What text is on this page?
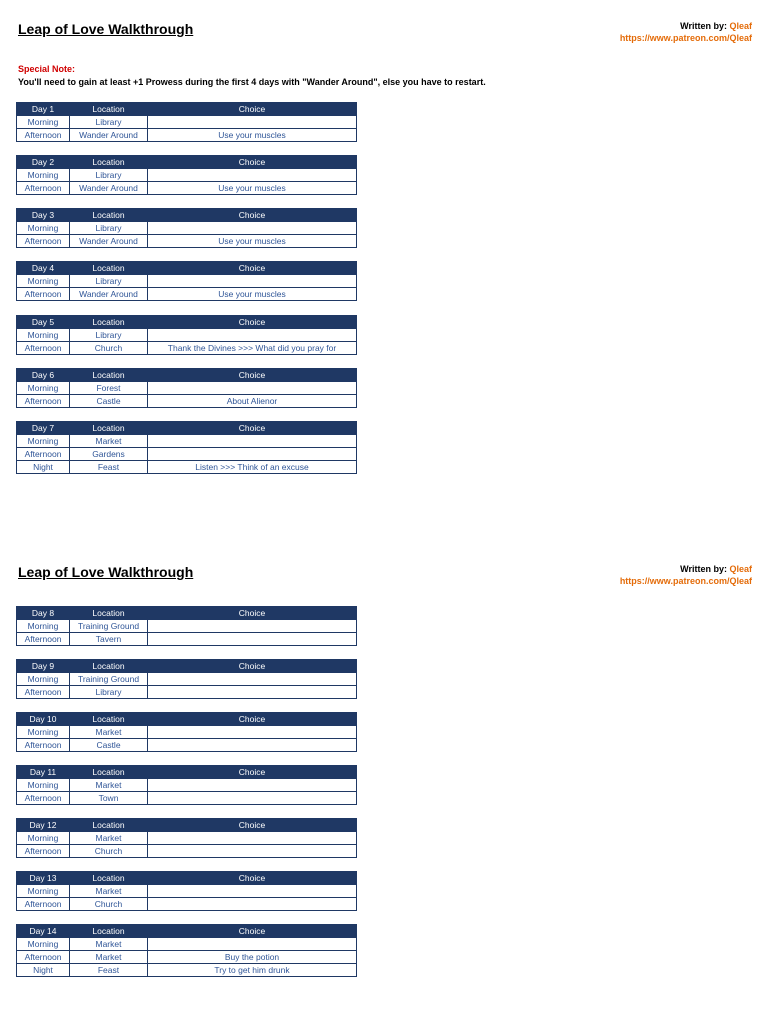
Leap of Love Walkthrough	Written by: Qleaf
https://www.patreon.com/Qleaf
Special Note:
You'll need to gain at least +1 Prowess during the first 4 days with "Wander Around", else you have to restart.
Leap of Love Walkthrough	Written by: Qleaf
https://www.patreon.com/Qleaf
Day 1	Location	Choice
Morning	Library	
Afternoon	Wander Around	Use your muscles
Day 2	Location	Choice
Morning	Library	
Afternoon	Wander Around	Use your muscles
Day 3	Location	Choice
Morning	Library	
Afternoon	Wander Around	Use your muscles
Day 4	Location	Choice
Morning	Library	
Afternoon	Wander Around	Use your muscles
Day 5	Location	Choice
Morning	Library	
Afternoon	Church	Thank the Divines >>> What did you pray for
Day 6	Location	Choice
Morning	Forest	
Afternoon	Castle	About Alienor
Day 7	Location	Choice
Morning	Market	
Afternoon	Gardens	
Night	Feast	Listen >>> Think of an excuse
Day 8	Location	Choice
Morning	Training Ground	
Afternoon	Tavern	
Day 9	Location	Choice
Morning	Training Ground	
Afternoon	Library	
Day 10	Location	Choice
Morning	Market	
Afternoon	Castle	
Day 11	Location	Choice
Morning	Market	
Afternoon	Town	
Day 12	Location	Choice
Morning	Market	
Afternoon	Church	
Day 13	Location	Choice
Morning	Market	
Afternoon	Church	
Day 14	Location	Choice
Morning	Market	
Afternoon	Market	Buy the potion
Night	Feast	Try to get him drunk
